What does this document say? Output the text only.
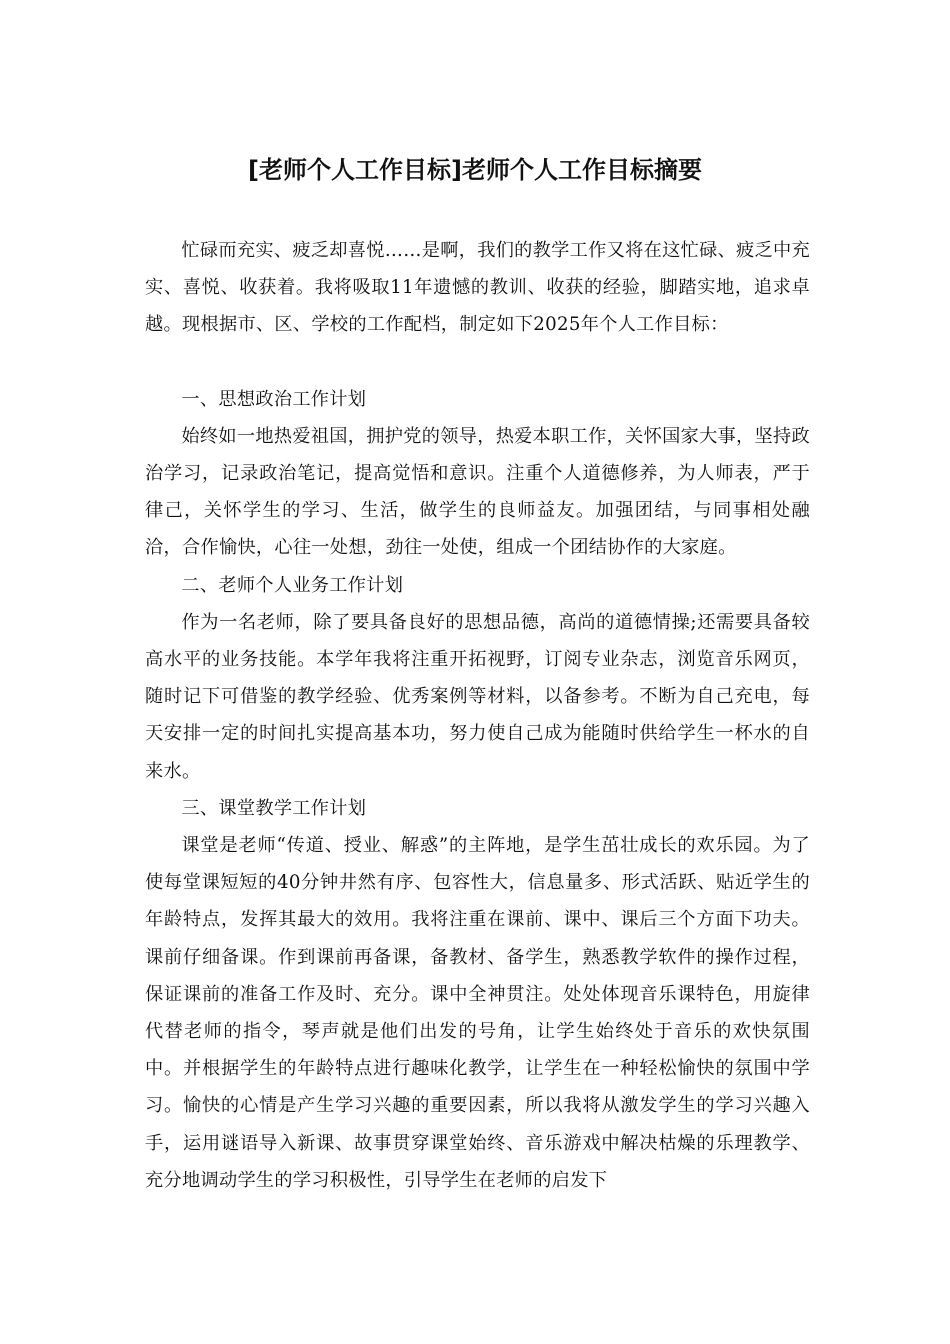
[老师个人工作目标]老师个人工作目标摘要

忙碌而充实、疲乏却喜悦……是啊，我们的教学工作又将在这忙碌、疲乏中充实、喜悦、收获着。我将吸取11年遗憾的教训、收获的经验，脚踏实地，追求卓越。现根据市、区、学校的工作配档，制定如下2025年个人工作目标：

一、思想政治工作计划

始终如一地热爱祖国，拥护党的领导，热爱本职工作，关怀国家大事，坚持政治学习，记录政治笔记，提高觉悟和意识。注重个人道德修养，为人师表，严于律己，关怀学生的学习、生活，做学生的良师益友。加强团结，与同事相处融洽，合作愉快，心往一处想，劲往一处使，组成一个团结协作的大家庭。

二、老师个人业务工作计划

作为一名老师，除了要具备良好的思想品德，高尚的道德情操;还需要具备较高水平的业务技能。本学年我将注重开拓视野，订阅专业杂志，浏览音乐网页，随时记下可借鉴的教学经验、优秀案例等材料，以备参考。不断为自己充电，每天安排一定的时间扎实提高基本功，努力使自己成为能随时供给学生一杯水的自来水。

三、课堂教学工作计划

课堂是老师“传道、授业、解惑”的主阵地，是学生茁壮成长的欢乐园。为了使每堂课短短的40分钟井然有序、包容性大，信息量多、形式活跃、贴近学生的年龄特点，发挥其最大的效用。我将注重在课前、课中、课后三个方面下功夫。课前仔细备课。作到课前再备课，备教材、备学生，熟悉教学软件的操作过程，保证课前的准备工作及时、充分。课中全神贯注。处处体现音乐课特色，用旋律代替老师的指令，琴声就是他们出发的号角，让学生始终处于音乐的欢快氛围中。并根据学生的年龄特点进行趣味化教学，让学生在一种轻松愉快的氛围中学习。愉快的心情是产生学习兴趣的重要因素，所以我将从激发学生的学习兴趣入手，运用谜语导入新课、故事贯穿课堂始终、音乐游戏中解决枯燥的乐理教学、充分地调动学生的学习积极性，引导学生在老师的启发下
